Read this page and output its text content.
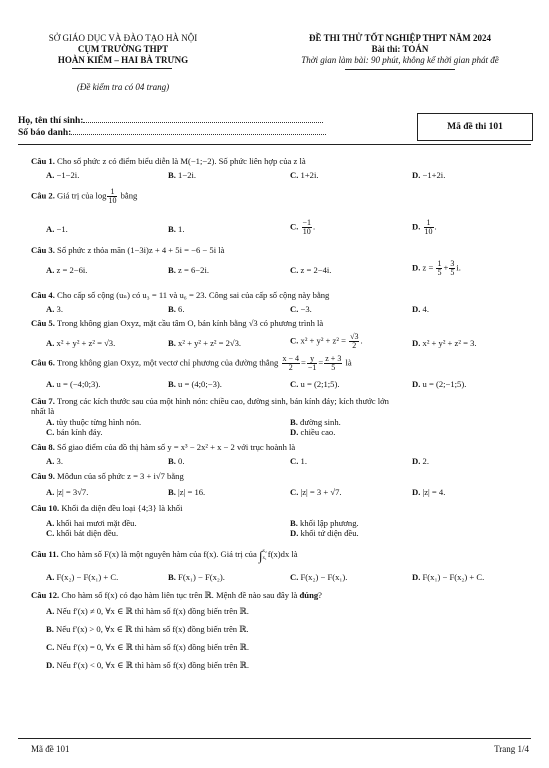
SỞ GIÁO DỤC VÀ ĐÀO TẠO HÀ NỘI
CỤM TRƯỜNG THPT
HOÀN KIẾM – HAI BÀ TRƯNG
(Đề kiểm tra có 04 trang)
ĐỀ THI THỬ TỐT NGHIỆP THPT NĂM 2024
Bài thi: TOÁN
Thời gian làm bài: 90 phút, không kể thời gian phát đề
Họ, tên thí sinh:
Số báo danh:
Mã đề thi 101
Câu 1. Cho số phức z có điểm biểu diễn là M(−1;−2). Số phức liên hợp của z là
A. −1−2i.	B. 1−2i.	C. 1+2i.	D. −1+2i.
Câu 2. Giá trị của $\log \frac{1}{10}$ bằng
A. −1.	B. 1.	C. $\frac{-1}{10}$ .	D. $\frac{1}{10}$ .
Câu 3. Số phức z thỏa mãn (1−3i)z + 4 + 5i = −6 − 5i là
A. z = 2−6i.	B. z = 6−2i.	C. z = 2−4i.	D. $z = \frac{1}{5} + \frac{3}{5} i$.
Câu 4. Cho cấp số cộng (uₙ) có u₃ = 11 và u₆ = 23. Công sai của cấp số cộng này bằng
A. 3.	B. 6.	C. −3.	D. 4.
Câu 5. Trong không gian Oxyz, mặt cầu tâm O, bán kính bằng √3 có phương trình là
A. x² + y² + z² = √3.	B. x² + y² + z² = 2√3.	C. $x^2 + y^2 + z^2 = \frac{√3}{2}$ .	D. x² + y² + z² = 3.
Câu 6. Trong không gian Oxyz, một vectơ chỉ phương của đường thẳng $\frac{x - 4}{2} = \frac{y}{-1} = \frac{z + 3}{5}$ là
A. u = (−4;0;3).	B. u = (4;0;−3).	C. u = (2;1;5).	D. u = (2;−1;5).
Câu 7. Trong các kích thước sau của một hình nón: chiều cao, đường sinh, bán kính đáy; kích thước lớn
nhất là
A. tùy thuộc từng hình nón.	B. đường sinh.
C. bán kính đáy.	D. chiều cao.
Câu 8. Số giao điểm của đồ thị hàm số y = x³ − 2x² + x − 2 với trục hoành là
A. 3.	B. 0.	C. 1.	D. 2.
Câu 9. Môđun của số phức z = 3 + i√7 bằng
A. |z| = 3√7.	B. |z| = 16.	C. |z| = 3 + √7.	D. |z| = 4.
Câu 10. Khối đa diện đều loại {4;3} là khối
A. khối hai mươi mặt đều.	B. khối lập phương.
C. khối bát diện đều.	D. khối tứ diện đều.
Câu 11. Cho hàm số F(x) là một nguyên hàm của f(x). Giá trị của ∫ x₂
x₁ f(x)dx là
A. F(x₂) − F(x₁) + C.	B. F(x₁) − F(x₂).	C. F(x₂) − F(x₁).	D. F(x₁) − F(x₂) + C.
Câu 12. Cho hàm số f(x) có đạo hàm liên tục trên ℝ. Mệnh đề nào sau đây là đúng?
A. Nếu f′(x) ≠ 0, ∀x ∈ ℝ thì hàm số f(x) đồng biến trên ℝ.
B. Nếu f′(x) > 0, ∀x ∈ ℝ thì hàm số f(x) đồng biến trên ℝ.
C. Nếu f′(x) = 0, ∀x ∈ ℝ thì hàm số f(x) đồng biến trên ℝ.
D. Nếu f′(x) < 0, ∀x ∈ ℝ thì hàm số f(x) đồng biến trên ℝ.
Mã đề 101	Trang 1/4
